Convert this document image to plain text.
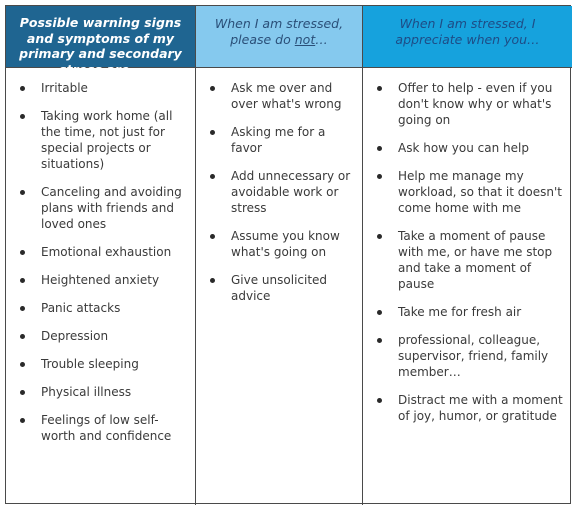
Possible warning signs and symptoms of my primary and secondary stress are…
When I am stressed, please do not…
When I am stressed, I appreciate when you…
Irritable
Taking work home (all the time, not just for special projects or situations)
Canceling and avoiding plans with friends and loved ones
Emotional exhaustion
Heightened anxiety
Panic attacks
Depression
Trouble sleeping
Physical illness
Feelings of low self-worth and confidence
Ask me over and over what's wrong
Asking me for a favor
Add unnecessary or avoidable work or stress
Assume you know what's going on
Give unsolicited advice
Offer to help - even if you don't know why or what's going on
Ask how you can help
Help me manage my workload, so that it doesn't come home with me
Take a moment of pause with me, or have me stop and take a moment of pause
Take me for fresh air
professional, colleague, supervisor, friend, family member…
Distract me with a moment of joy, humor, or gratitude
